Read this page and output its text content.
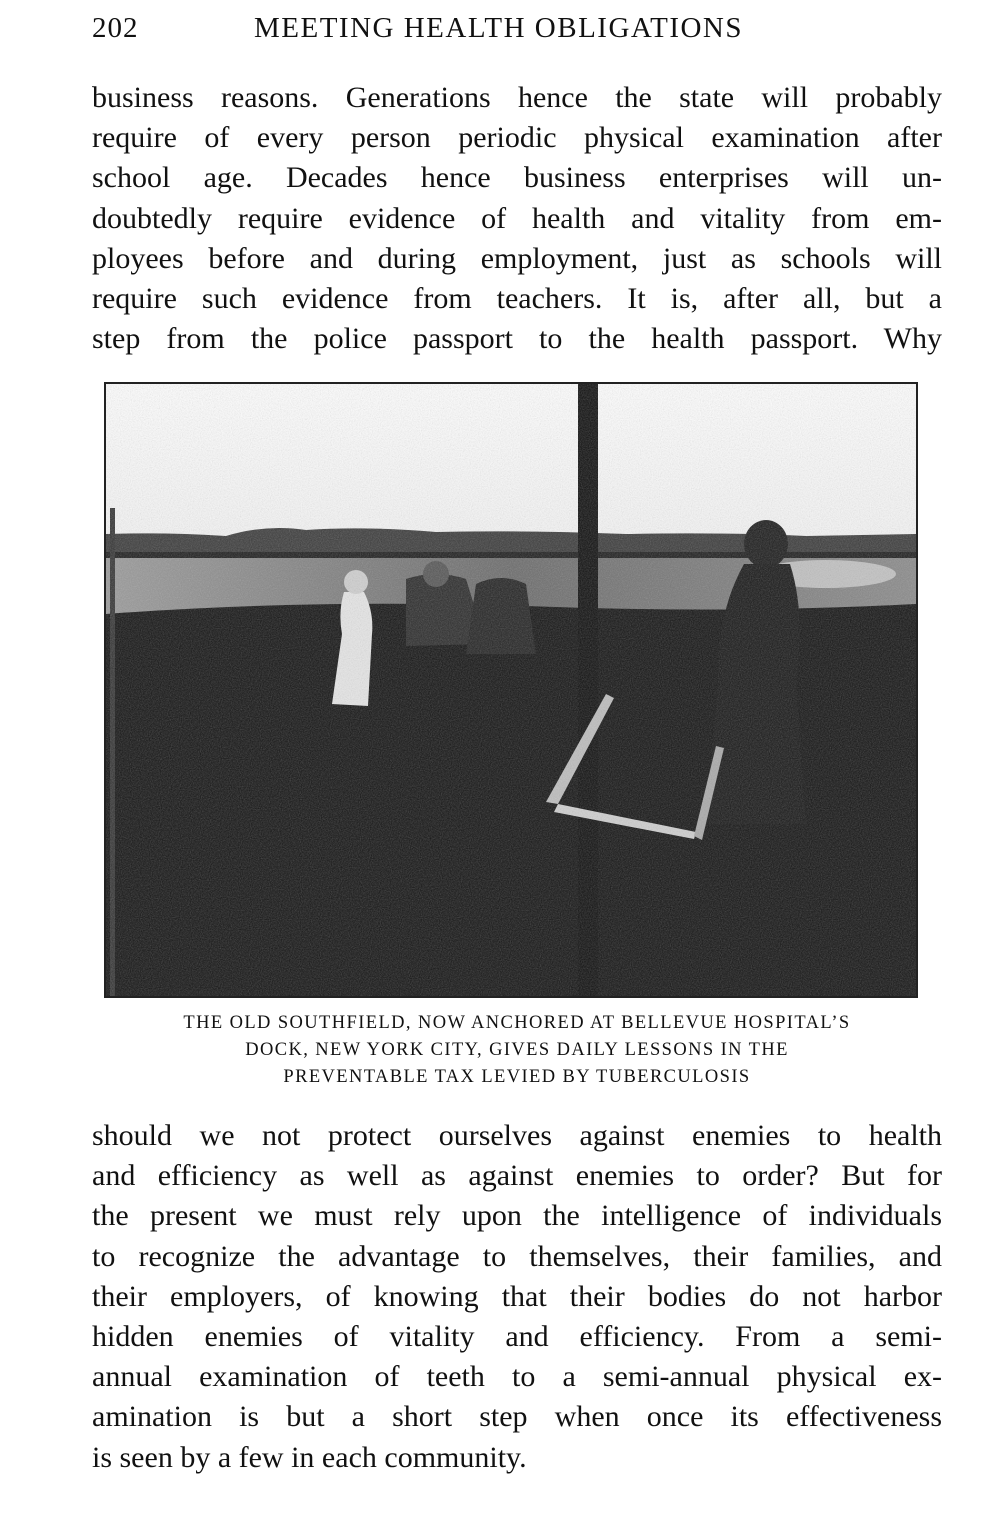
202	MEETING HEALTH OBLIGATIONS

business reasons. Generations hence the state will probably
require of every person periodic physical examination after
school age. Decades hence business enterprises will un-
doubtedly require evidence of health and vitality from em-
ployees before and during employment, just as schools will
require such evidence from teachers. It is, after all, but a
step from the police passport to the health passport. Why

THE OLD SOUTHFIELD, NOW ANCHORED AT BELLEVUE HOSPITAL’S
DOCK, NEW YORK CITY, GIVES DAILY LESSONS IN THE
PREVENTABLE TAX LEVIED BY TUBERCULOSIS

should we not protect ourselves against enemies to health
and efficiency as well as against enemies to order? But for
the present we must rely upon the intelligence of individuals
to recognize the advantage to themselves, their families, and
their employers, of knowing that their bodies do not harbor
hidden enemies of vitality and efficiency. From a semi-
annual examination of teeth to a semi-annual physical ex-
amination is but a short step when once its effectiveness
is seen by a few in each community.
